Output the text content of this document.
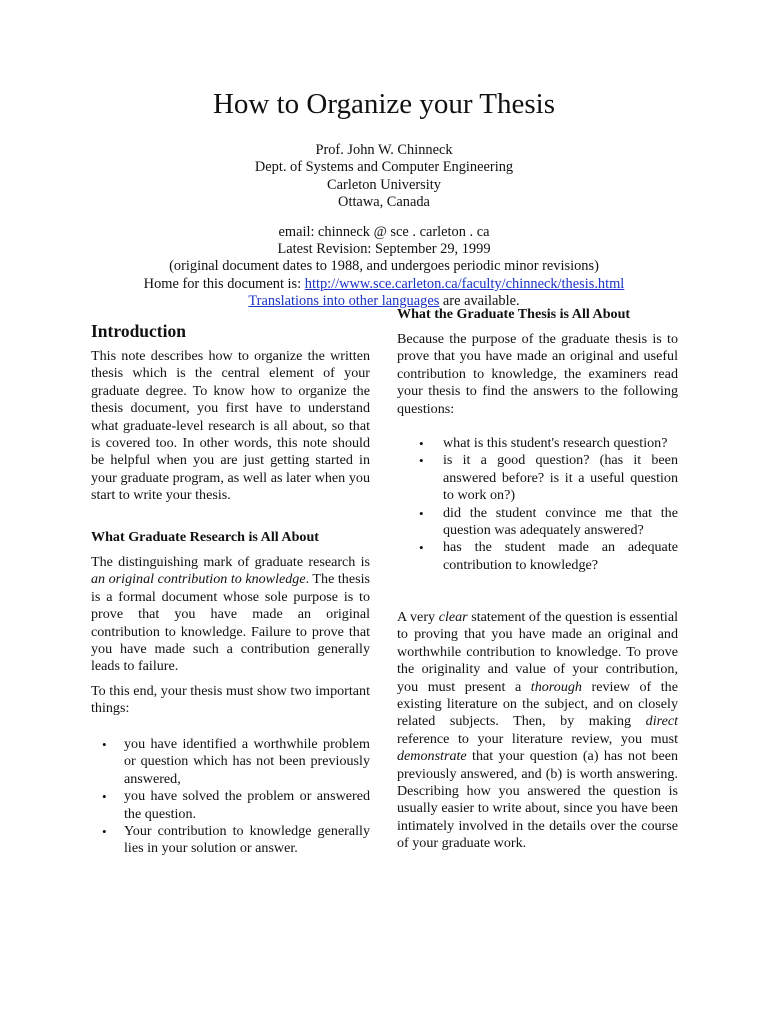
How to Organize your Thesis
Prof. John W. Chinneck
Dept. of Systems and Computer Engineering
Carleton University
Ottawa, Canada
email: chinneck @ sce . carleton . ca
Latest Revision: September 29, 1999
(original document dates to 1988, and undergoes periodic minor revisions)
Home for this document is: http://www.sce.carleton.ca/faculty/chinneck/thesis.html
Translations into other languages are available.
Introduction

This note describes how to organize the written thesis which is the central element of your graduate degree. To know how to organize the thesis document, you first have to understand what graduate-level research is all about, so that is covered too. In other words, this note should be helpful when you are just getting started in your graduate program, as well as later when you start to write your thesis.

What Graduate Research is All About

The distinguishing mark of graduate research is an original contribution to knowledge. The thesis is a formal document whose sole purpose is to prove that you have made an original contribution to knowledge. Failure to prove that you have made such a contribution generally leads to failure.

To this end, your thesis must show two important things:

• you have identified a worthwhile problem or question which has not been previously answered,
• you have solved the problem or answered the question.
• Your contribution to knowledge generally lies in your solution or answer.
What the Graduate Thesis is All About

Because the purpose of the graduate thesis is to prove that you have made an original and useful contribution to knowledge, the examiners read your thesis to find the answers to the following questions:

• what is this student's research question?
• is it a good question? (has it been answered before? is it a useful question to work on?)
• did the student convince me that the question was adequately answered?
• has the student made an adequate contribution to knowledge?

A very clear statement of the question is essential to proving that you have made an original and worthwhile contribution to knowledge. To prove the originality and value of your contribution, you must present a thorough review of the existing literature on the subject, and on closely related subjects. Then, by making direct reference to your literature review, you must demonstrate that your question (a) has not been previously answered, and (b) is worth answering. Describing how you answered the question is usually easier to write about, since you have been intimately involved in the details over the course of your graduate work.
